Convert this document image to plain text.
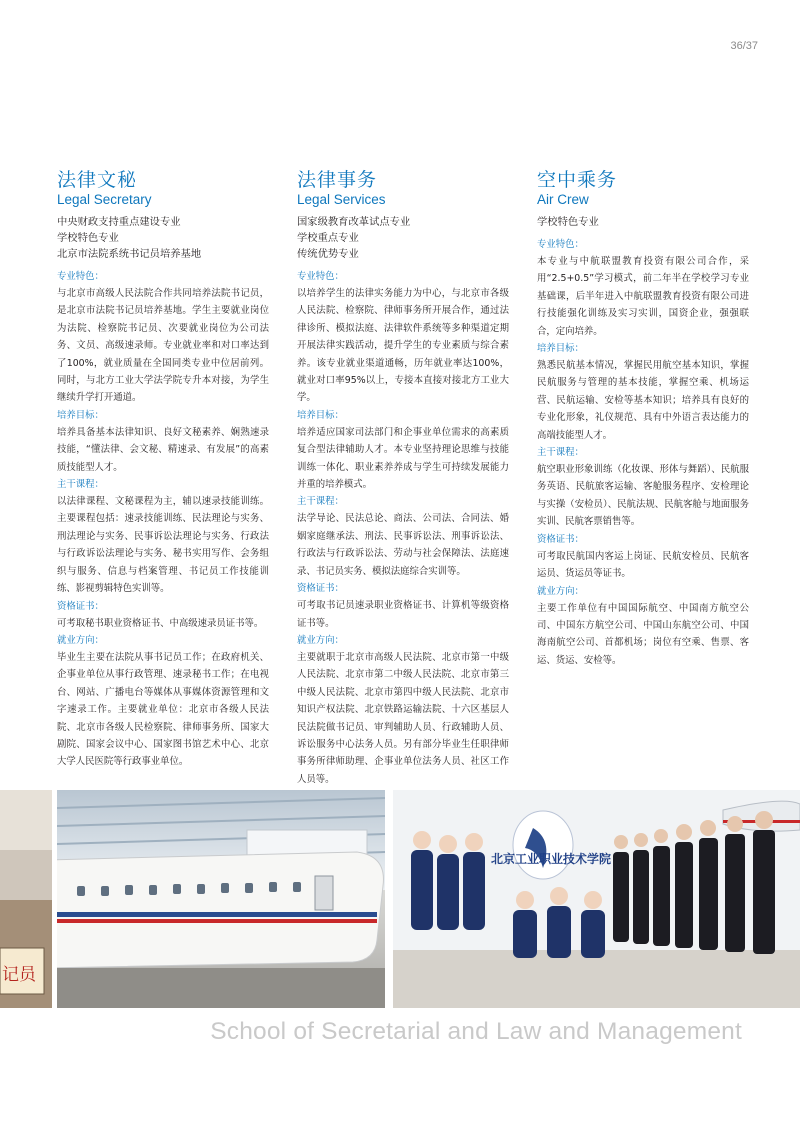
36/37
法律文秘
Legal Secretary
中央财政支持重点建设专业
学校特色专业
北京市法院系统书记员培养基地
专业特色：
与北京市高级人民法院合作共同培养法院书记员，是北京市法院书记员培养基地。学生主要就业岗位为法院、检察院书记员、次要就业岗位为公司法务、文员、高级速录师。专业就业率和对口率达到了100%，就业质量在全国同类专业中位居前列。同时，与北方工业大学法学院专升本对接，为学生继续升学打开通道。
培养目标：
培养具备基本法律知识、良好文秘素养、娴熟速录技能，“懂法律、会文秘、精速录、有发展”的高素质技能型人才。
主干课程：
以法律课程、文秘课程为主，辅以速录技能训练。主要课程包括：速录技能训练、民法理论与实务、刑法理论与实务、民事诉讼法理论与实务、行政法与行政诉讼法理论与实务、秘书实用写作、会务组织与服务、信息与档案管理、书记员工作技能训练、影视剪辑特色实训等。
资格证书：
可考取秘书职业资格证书、中高级速录员证书等。
就业方向：
毕业生主要在法院从事书记员工作；在政府机关、企事业单位从事行政管理、速录秘书工作；在电视台、网站、广播电台等媒体从事媒体资源管理和文字速录工作。主要就业单位：北京市各级人民法院、北京市各级人民检察院、律师事务所、国家大剧院、国家会议中心、国家图书馆艺术中心、北京大学人民医院等行政事业单位。
法律事务
Legal Services
国家级教育改革试点专业
学校重点专业
传统优势专业
专业特色：
以培养学生的法律实务能力为中心，与北京市各级人民法院、检察院、律师事务所开展合作，通过法律诊所、模拟法庭、法律软件系统等多种渠道定期开展法律实践活动，提升学生的专业素质与综合素养。该专业就业渠道通畅，历年就业率达100%，就业对口率95%以上，专接本直接对接北方工业大学。
培养目标：
培养适应国家司法部门和企事业单位需求的高素质复合型法律辅助人才。本专业坚持理论思维与技能训练一体化、职业素养养成与学生可持续发展能力并重的培养模式。
主干课程：
法学导论、民法总论、商法、公司法、合同法、婚姻家庭继承法、刑法、民事诉讼法、刑事诉讼法、行政法与行政诉讼法、劳动与社会保障法、法庭速录、书记员实务、模拟法庭综合实训等。
资格证书：
可考取书记员速录职业资格证书、计算机等级资格证书等。
就业方向：
主要就职于北京市高级人民法院、北京市第一中级人民法院、北京市第二中级人民法院、北京市第三中级人民法院、北京市第四中级人民法院、北京市知识产权法院、北京铁路运输法院、十六区基层人民法院做书记员、审判辅助人员、行政辅助人员、诉讼服务中心法务人员。另有部分毕业生任职律师事务所律师助理、企事业单位法务人员、社区工作人员等。
空中乘务
Air Crew
学校特色专业
专业特色：
本专业与中航联盟教育投资有限公司合作，采用“2.5+0.5”学习模式，前二年半在学校学习专业基础课，后半年进入中航联盟教育投资有限公司进行技能强化训练及实习实训，国资企业，强强联合，定向培养。
培养目标：
熟悉民航基本情况，掌握民用航空基本知识，掌握民航服务与管理的基本技能，掌握空乘、机场运营、民航运输、安检等基本知识；培养具有良好的专业化形象，礼仪规范、具有中外语言表达能力的高端技能型人才。
主干课程：
航空职业形象训练（化妆课、形体与舞蹈）、民航服务英语、民航旅客运输、客舱服务程序、安检理论与实操（安检员）、民航法规、民航客舱与地面服务实训、民航客票销售等。
资格证书：
可考取民航国内客运上岗证、民航安检员、民航客运员、货运员等证书。
就业方向：
主要工作单位有中国国际航空、中国南方航空公司、中国东方航空公司、中国山东航空公司、中国海南航空公司、首都机场；岗位有空乘、售票、客运、货运、安检等。
记员
北京工业职业技术学院
School of Secretarial and Law and Management
